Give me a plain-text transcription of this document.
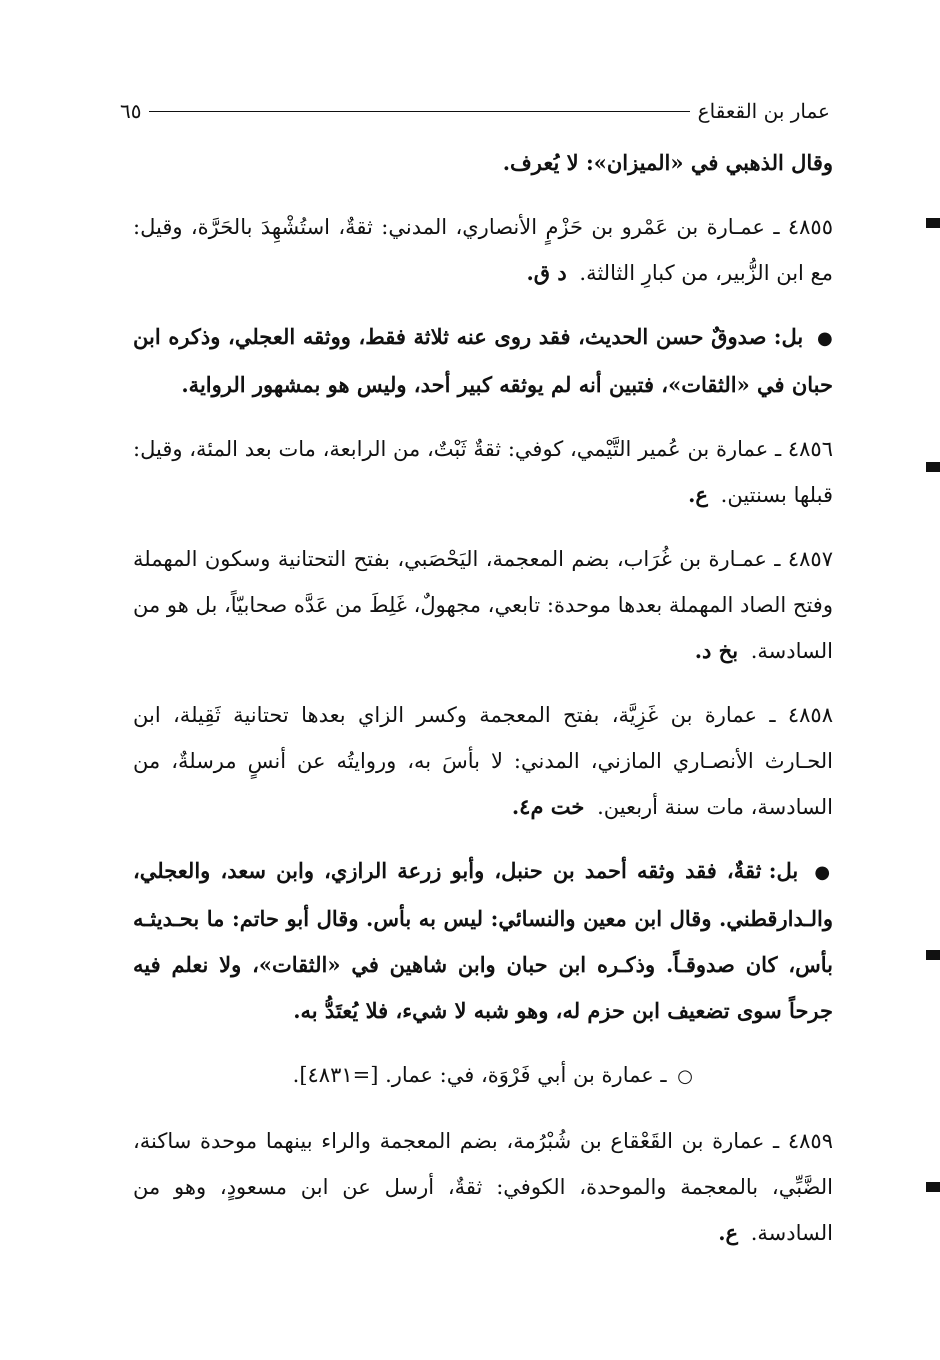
عمار بن القعقاع
٦٥

وقال الذهبي في «الميزان»: لا يُعرف.

٤٨٥٥ ـ عمـارة بن عَمْرو بن حَزْمٍ الأنصاري، المدني: ثقةٌ، استُشْهِدَ بالحَرَّة، وقيل: مع ابن الزُّبير، من كبارِ الثالثة. د ق.

● بل: صدوقٌ حسن الحديث، فقد روى عنه ثلاثة فقط، ووثقه العجلي، وذكره ابن حبان في «الثقات»، فتبين أنه لم يوثقه كبير أحد، وليس هو بمشهور الرواية.

٤٨٥٦ ـ عمارة بن عُمير التَّيْمي، كوفي: ثقةٌ ثَبْتٌ، من الرابعة، مات بعد المئة، وقيل: قبلها بسنتين. ع.

٤٨٥٧ ـ عمـارة بن غُرَاب، بضم المعجمة، اليَحْصَبي، بفتح التحتانية وسكون المهملة وفتح الصاد المهملة بعدها موحدة: تابعي، مجهولٌ، غَلِطَ من عَدَّه صحابيّاً، بل هو من السادسة. بخ د.

٤٨٥٨ ـ عمارة بن غَزِيَّة، بفتح المعجمة وكسر الزاي بعدها تحتانية ثَقِيلة، ابن الحـارث الأنصـاري المازني، المدني: لا بأسَ به، وروايتُه عن أنسٍ مرسلةٌ، من السادسة، مات سنة أربعين. خت م٤.

● بل: ثقةٌ، فقد وثقه أحمد بن حنبل، وأبو زرعة الرازي، وابن سعد، والعجلي، والـدارقطني. وقال ابن معين والنسائي: ليس به بأس. وقال أبو حاتم: ما بحـديثـه بأس، كان صدوقـاً. وذكـره ابن حبان وابن شاهين في «الثقات»، ولا نعلم فيه جرحاً سوى تضعيف ابن حزم له، وهو شبه لا شيء، فلا يُعتَدُّ به.

○ ـ عمارة بن أبي فَرْوَة، في: عمار. [=٤٨٣١].

٤٨٥٩ ـ عمارة بن القَعْقاع بن شُبْرُمة، بضم المعجمة والراء بينهما موحدة ساكنة، الضَّبِّي، بالمعجمة والموحدة، الكوفي: ثقةٌ، أرسل عن ابن مسعودٍ، وهو من السادسة. ع.
